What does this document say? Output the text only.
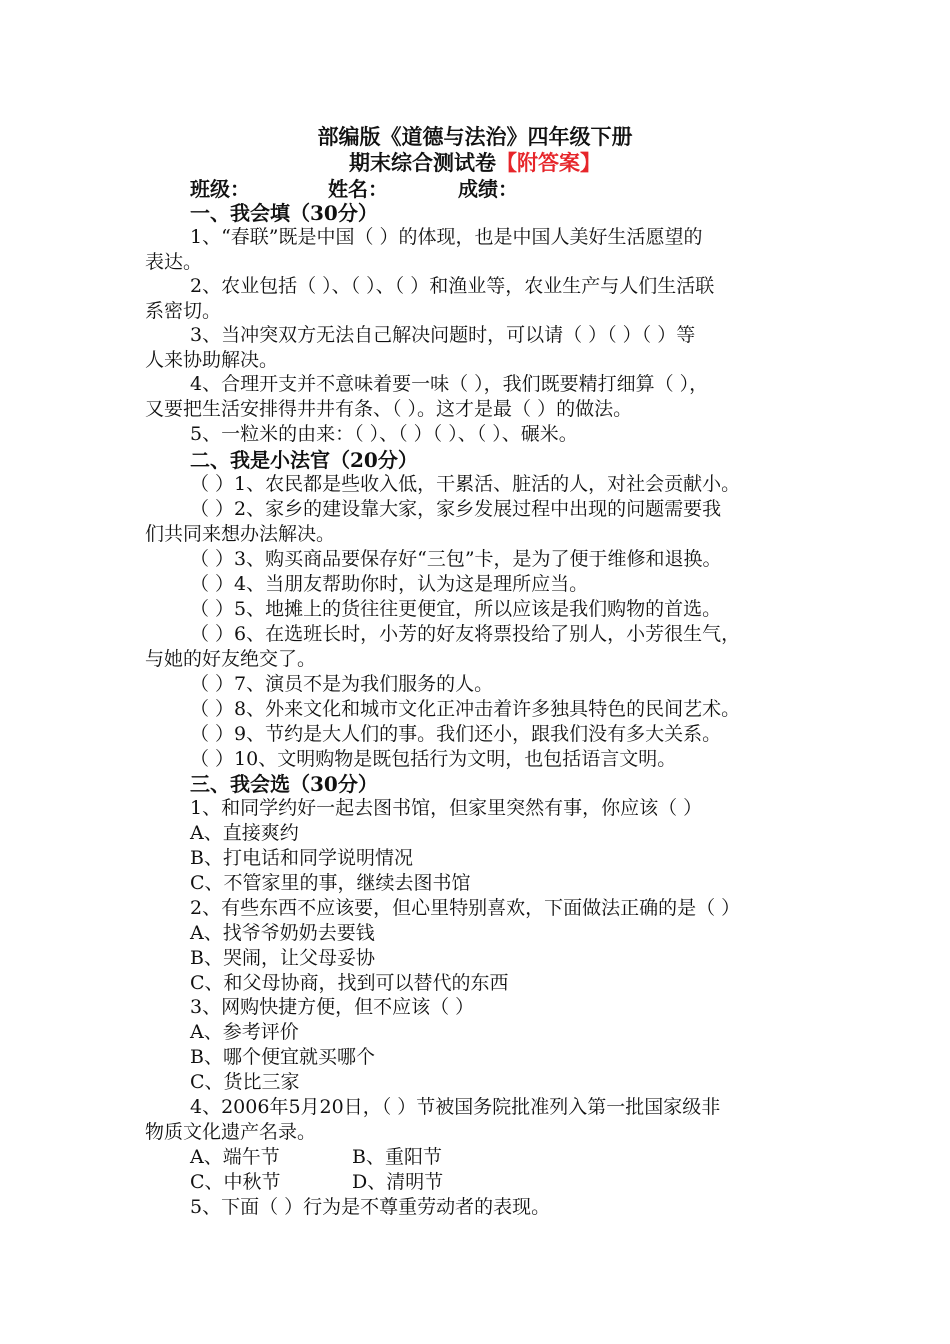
部编版《道德与法治》四年级下册
期末综合测试卷【附答案】
班级：	姓名：	成绩：
一、我会填（30分）
1、“春联”既是中国（ ）的体现，也是中国人美好生活愿望的
表达。
2、农业包括（ ）、（ ）、（ ）和渔业等，农业生产与人们生活联
系密切。
3、当冲突双方无法自己解决问题时，可以请（ ）（ ）（ ）等
人来协助解决。
4、合理开支并不意味着要一味（ ），我们既要精打细算（ ），
又要把生活安排得井井有条、（ ）。这才是最（ ）的做法。
5、一粒米的由来：（ ）、（ ）（ ）、（ ）、碾米。
二、我是小法官（20分）
（ ）1、农民都是些收入低，干累活、脏活的人，对社会贡献小。
（ ）2、家乡的建设靠大家，家乡发展过程中出现的问题需要我
们共同来想办法解决。
（ ）3、购买商品要保存好“三包”卡，是为了便于维修和退换。
（ ）4、当朋友帮助你时，认为这是理所应当。
（ ）5、地摊上的货往往更便宜，所以应该是我们购物的首选。
（ ）6、在选班长时，小芳的好友将票投给了别人，小芳很生气，
与她的好友绝交了。
（ ）7、演员不是为我们服务的人。
（ ）8、外来文化和城市文化正冲击着许多独具特色的民间艺术。
（ ）9、节约是大人们的事。我们还小，跟我们没有多大关系。
（ ）10、文明购物是既包括行为文明，也包括语言文明。
三、我会选（30分）
1、和同学约好一起去图书馆，但家里突然有事，你应该（ ）
A、直接爽约
B、打电话和同学说明情况
C、不管家里的事，继续去图书馆
2、有些东西不应该要，但心里特别喜欢，下面做法正确的是（ ）
A、找爷爷奶奶去要钱
B、哭闹，让父母妥协
C、和父母协商，找到可以替代的东西
3、网购快捷方便，但不应该（ ）
A、参考评价
B、哪个便宜就买哪个
C、货比三家
4、2006年5月20日，（ ）节被国务院批准列入第一批国家级非
物质文化遗产名录。
A、端午节	B、重阳节
C、中秋节	D、清明节
5、下面（ ）行为是不尊重劳动者的表现。
